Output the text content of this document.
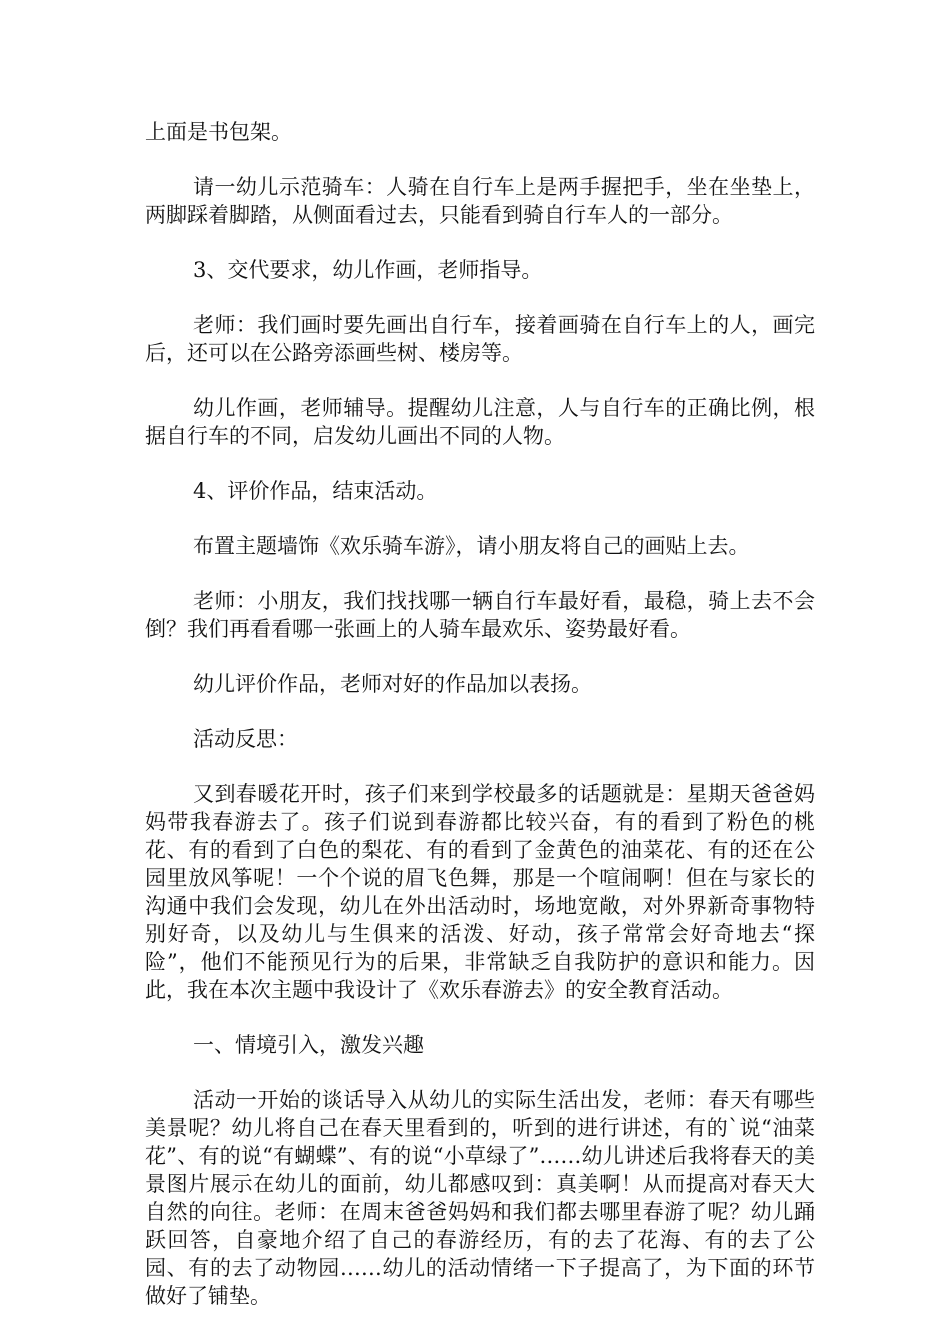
上面是书包架。

请一幼儿示范骑车：人骑在自行车上是两手握把手，坐在坐垫上，两脚踩着脚踏，从侧面看过去，只能看到骑自行车人的一部分。

3、交代要求，幼儿作画，老师指导。

老师：我们画时要先画出自行车，接着画骑在自行车上的人，画完后，还可以在公路旁添画些树、楼房等。

幼儿作画，老师辅导。提醒幼儿注意，人与自行车的正确比例，根据自行车的不同，启发幼儿画出不同的人物。

4、评价作品，结束活动。

布置主题墙饰《欢乐骑车游》，请小朋友将自己的画贴上去。

老师：小朋友，我们找找哪一辆自行车最好看，最稳，骑上去不会倒？我们再看看哪一张画上的人骑车最欢乐、姿势最好看。

幼儿评价作品，老师对好的作品加以表扬。

活动反思：

又到春暖花开时，孩子们来到学校最多的话题就是：星期天爸爸妈妈带我春游去了。孩子们说到春游都比较兴奋，有的看到了粉色的桃花、有的看到了白色的梨花、有的看到了金黄色的油菜花、有的还在公园里放风筝呢！一个个说的眉飞色舞，那是一个喧闹啊！但在与家长的沟通中我们会发现，幼儿在外出活动时，场地宽敞，对外界新奇事物特别好奇，以及幼儿与生俱来的活泼、好动，孩子常常会好奇地去“探险”，他们不能预见行为的后果，非常缺乏自我防护的意识和能力。因此，我在本次主题中我设计了《欢乐春游去》的安全教育活动。

一、情境引入，激发兴趣

活动一开始的谈话导入从幼儿的实际生活出发，老师：春天有哪些美景呢？幼儿将自己在春天里看到的，听到的进行讲述，有的`说“油菜花”、有的说“有蝴蝶”、有的说“小草绿了”……幼儿讲述后我将春天的美景图片展示在幼儿的面前，幼儿都感叹到：真美啊！从而提高对春天大自然的向往。老师：在周末爸爸妈妈和我们都去哪里春游了呢？幼儿踊跃回答，自豪地介绍了自己的春游经历，有的去了花海、有的去了公园、有的去了动物园……幼儿的活动情绪一下子提高了，为下面的环节做好了铺垫。
